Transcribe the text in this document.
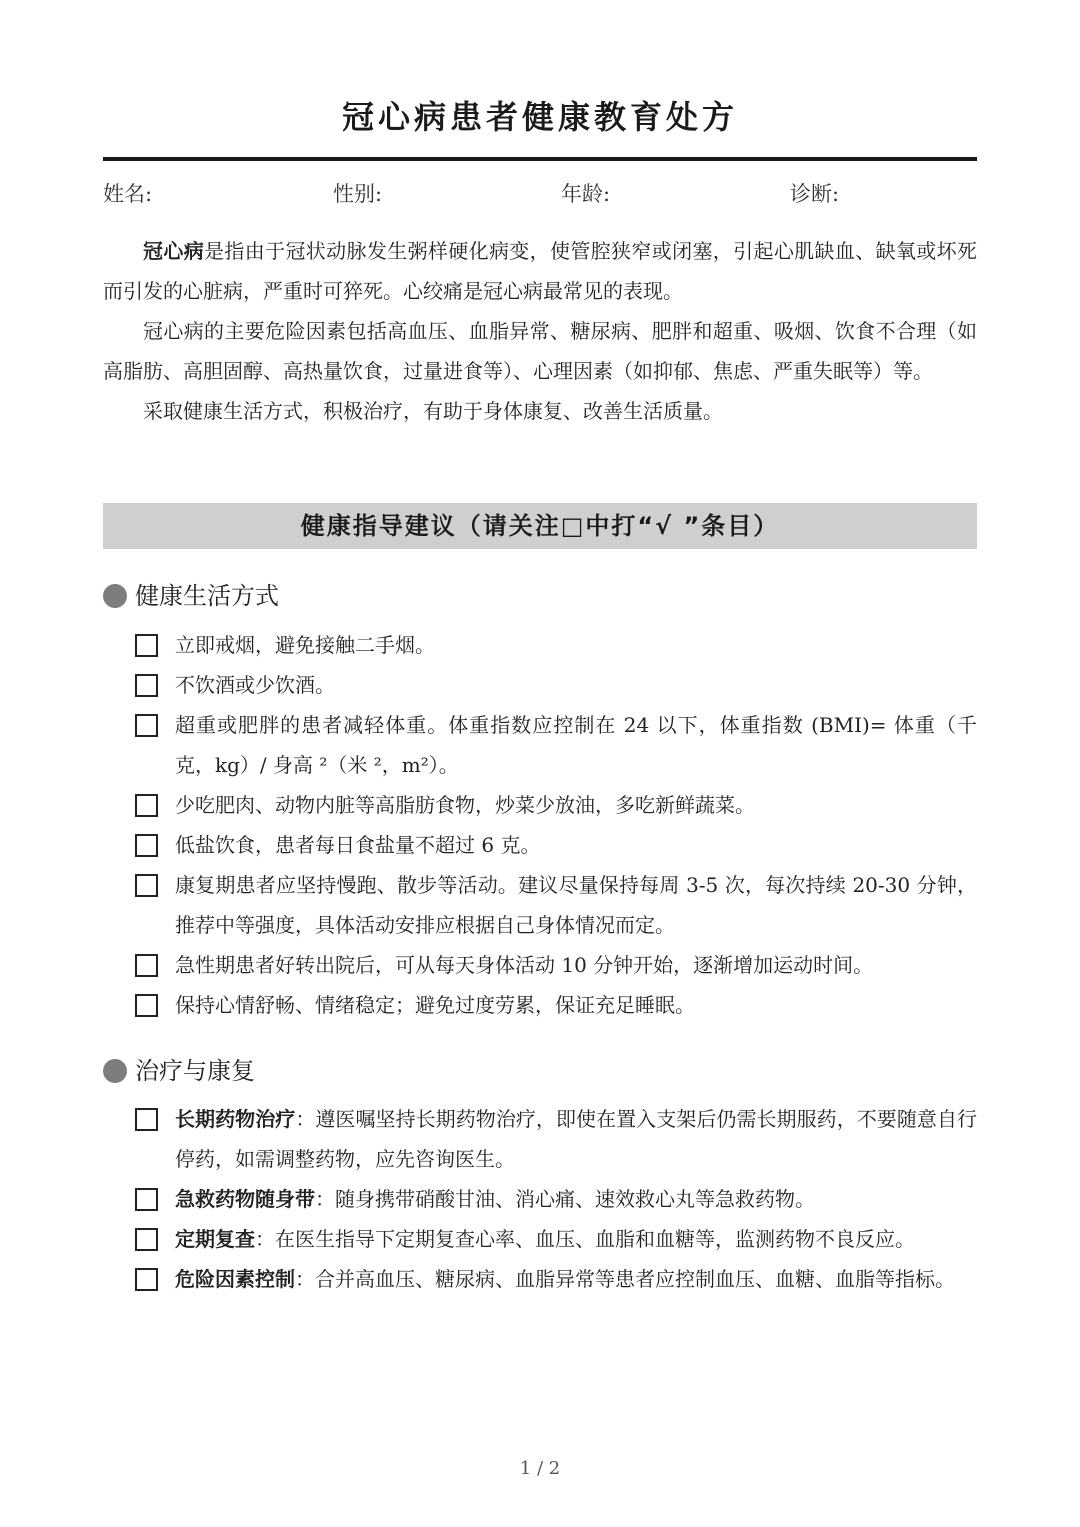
冠心病患者健康教育处方
姓名:	性别:	年龄:	诊断:

冠心病是指由于冠状动脉发生粥样硬化病变，使管腔狭窄或闭塞，引起心肌缺血、缺氧或坏死而引发的心脏病，严重时可猝死。心绞痛是冠心病最常见的表现。

冠心病的主要危险因素包括高血压、血脂异常、糖尿病、肥胖和超重、吸烟、饮食不合理（如高脂肪、高胆固醇、高热量饮食，过量进食等）、心理因素（如抑郁、焦虑、严重失眠等）等。

采取健康生活方式，积极治疗，有助于身体康复、改善生活质量。

健康指导建议（请关注□中打“√ ”条目）
健康生活方式
立即戒烟，避免接触二手烟。
不饮酒或少饮酒。
超重或肥胖的患者减轻体重。体重指数应控制在 24 以下，体重指数 (BMI)= 体重（千克，kg）/ 身高 ²（米 ²，m²）。
少吃肥肉、动物内脏等高脂肪食物，炒菜少放油，多吃新鲜蔬菜。
低盐饮食，患者每日食盐量不超过 6 克。
康复期患者应坚持慢跑、散步等活动。建议尽量保持每周 3-5 次，每次持续 20-30 分钟，推荐中等强度，具体活动安排应根据自己身体情况而定。
急性期患者好转出院后，可从每天身体活动 10 分钟开始，逐渐增加运动时间。
保持心情舒畅、情绪稳定；避免过度劳累，保证充足睡眠。
治疗与康复
长期药物治疗：遵医嘱坚持长期药物治疗，即使在置入支架后仍需长期服药，不要随意自行停药，如需调整药物，应先咨询医生。
急救药物随身带：随身携带硝酸甘油、消心痛、速效救心丸等急救药物。
定期复查：在医生指导下定期复查心率、血压、血脂和血糖等，监测药物不良反应。
危险因素控制：合并高血压、糖尿病、血脂异常等患者应控制血压、血糖、血脂等指标。
1 / 2
